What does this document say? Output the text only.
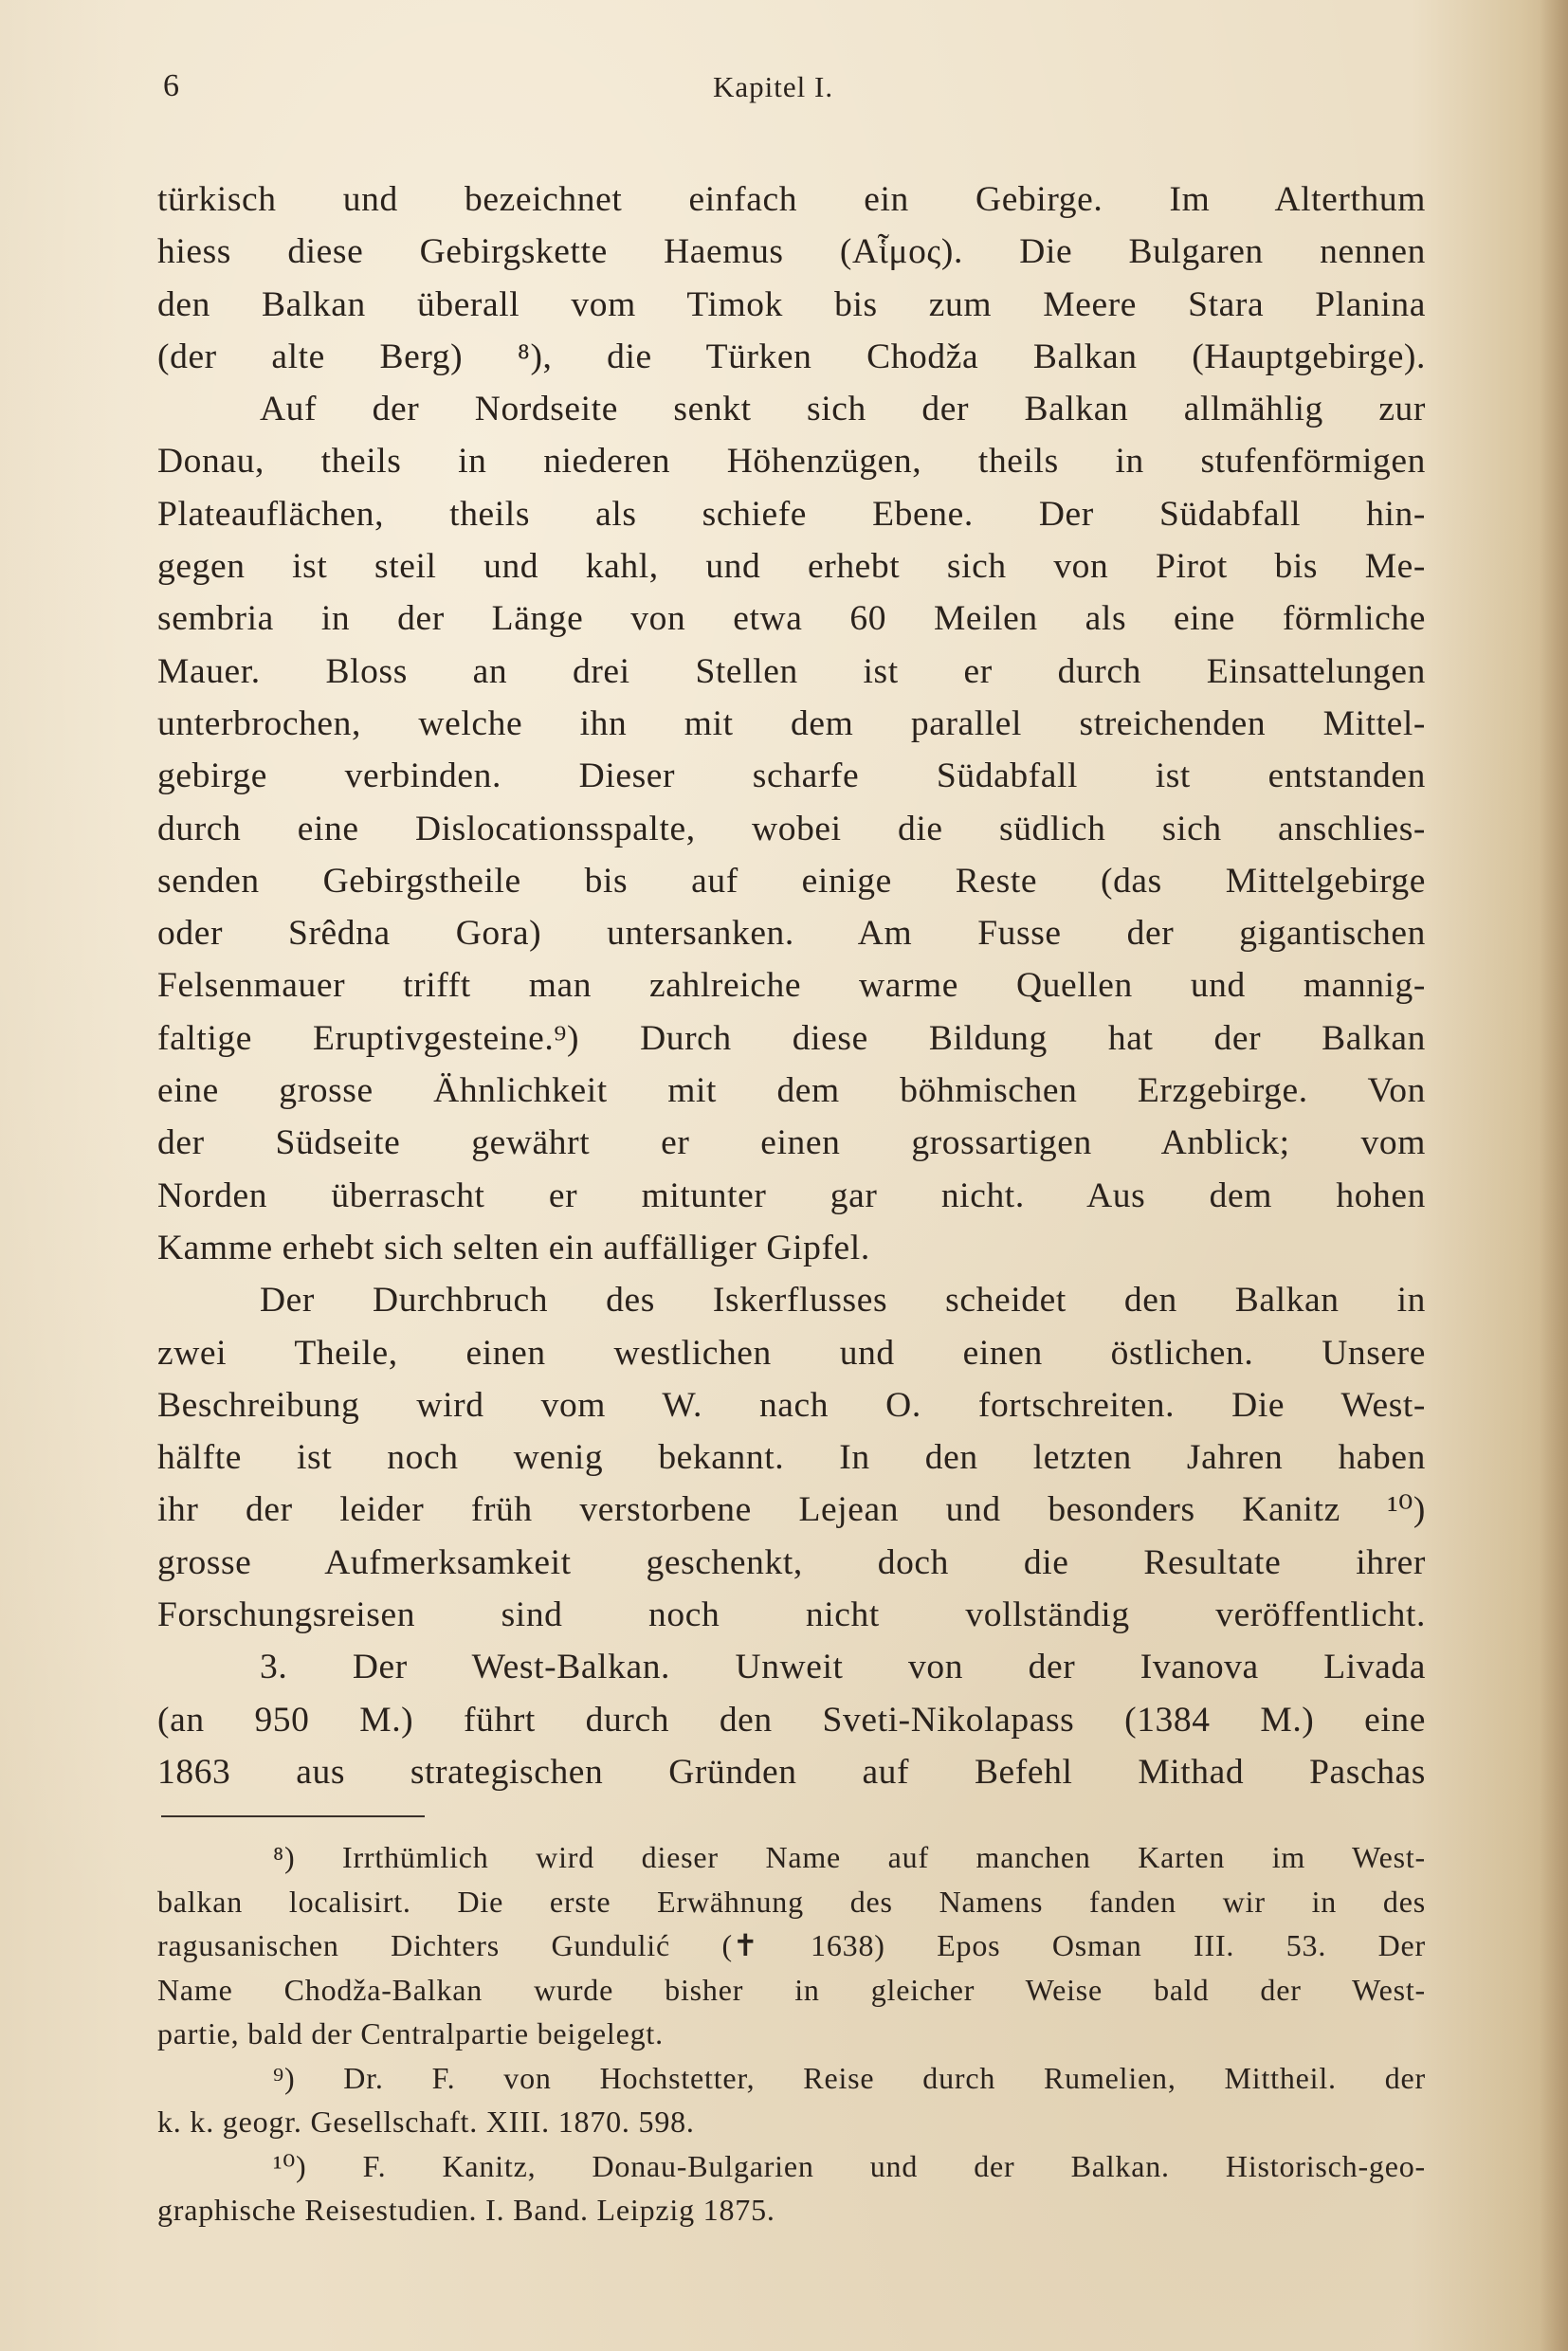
6	Kapitel I.
türkisch und bezeichnet einfach ein Gebirge. Im Alterthum
hiess diese Gebirgskette Haemus (Αἷμος). Die Bulgaren nennen
den Balkan überall vom Timok bis zum Meere Stara Planina
(der alte Berg) ⁸), die Türken Chodža Balkan (Hauptgebirge).
Auf der Nordseite senkt sich der Balkan allmählig zur
Donau, theils in niederen Höhenzügen, theils in stufenförmigen
Plateauflächen, theils als schiefe Ebene. Der Südabfall hin-
gegen ist steil und kahl, und erhebt sich von Pirot bis Me-
sembria in der Länge von etwa 60 Meilen als eine förmliche
Mauer. Bloss an drei Stellen ist er durch Einsattelungen
unterbrochen, welche ihn mit dem parallel streichenden Mittel-
gebirge verbinden. Dieser scharfe Südabfall ist entstanden
durch eine Dislocationsspalte, wobei die südlich sich anschlies-
senden Gebirgstheile bis auf einige Reste (das Mittelgebirge
oder Srêdna Gora) untersanken. Am Fusse der gigantischen
Felsenmauer trifft man zahlreiche warme Quellen und mannig-
faltige Eruptivgesteine.⁹) Durch diese Bildung hat der Balkan
eine grosse Ähnlichkeit mit dem böhmischen Erzgebirge. Von
der Südseite gewährt er einen grossartigen Anblick; vom
Norden überrascht er mitunter gar nicht. Aus dem hohen
Kamme erhebt sich selten ein auffälliger Gipfel.
Der Durchbruch des Iskerflusses scheidet den Balkan in
zwei Theile, einen westlichen und einen östlichen. Unsere
Beschreibung wird vom W. nach O. fortschreiten. Die West-
hälfte ist noch wenig bekannt. In den letzten Jahren haben
ihr der leider früh verstorbene Lejean und besonders Kanitz ¹⁰)
grosse Aufmerksamkeit geschenkt, doch die Resultate ihrer
Forschungsreisen sind noch nicht vollständig veröffentlicht.
3. Der West-Balkan. Unweit von der Ivanova Livada
(an 950 M.) führt durch den Sveti-Nikolapass (1384 M.) eine
1863 aus strategischen Gründen auf Befehl Mithad Paschas
⁸) Irrthümlich wird dieser Name auf manchen Karten im West-
balkan localisirt. Die erste Erwähnung des Namens fanden wir in des
ragusanischen Dichters Gundulić (✝ 1638) Epos Osman III. 53. Der
Name Chodža-Balkan wurde bisher in gleicher Weise bald der West-
partie, bald der Centralpartie beigelegt.
⁹) Dr. F. von Hochstetter, Reise durch Rumelien, Mittheil. der
k. k. geogr. Gesellschaft. XIII. 1870. 598.
¹⁰) F. Kanitz, Donau-Bulgarien und der Balkan. Historisch-geo-
graphische Reisestudien. I. Band. Leipzig 1875.
